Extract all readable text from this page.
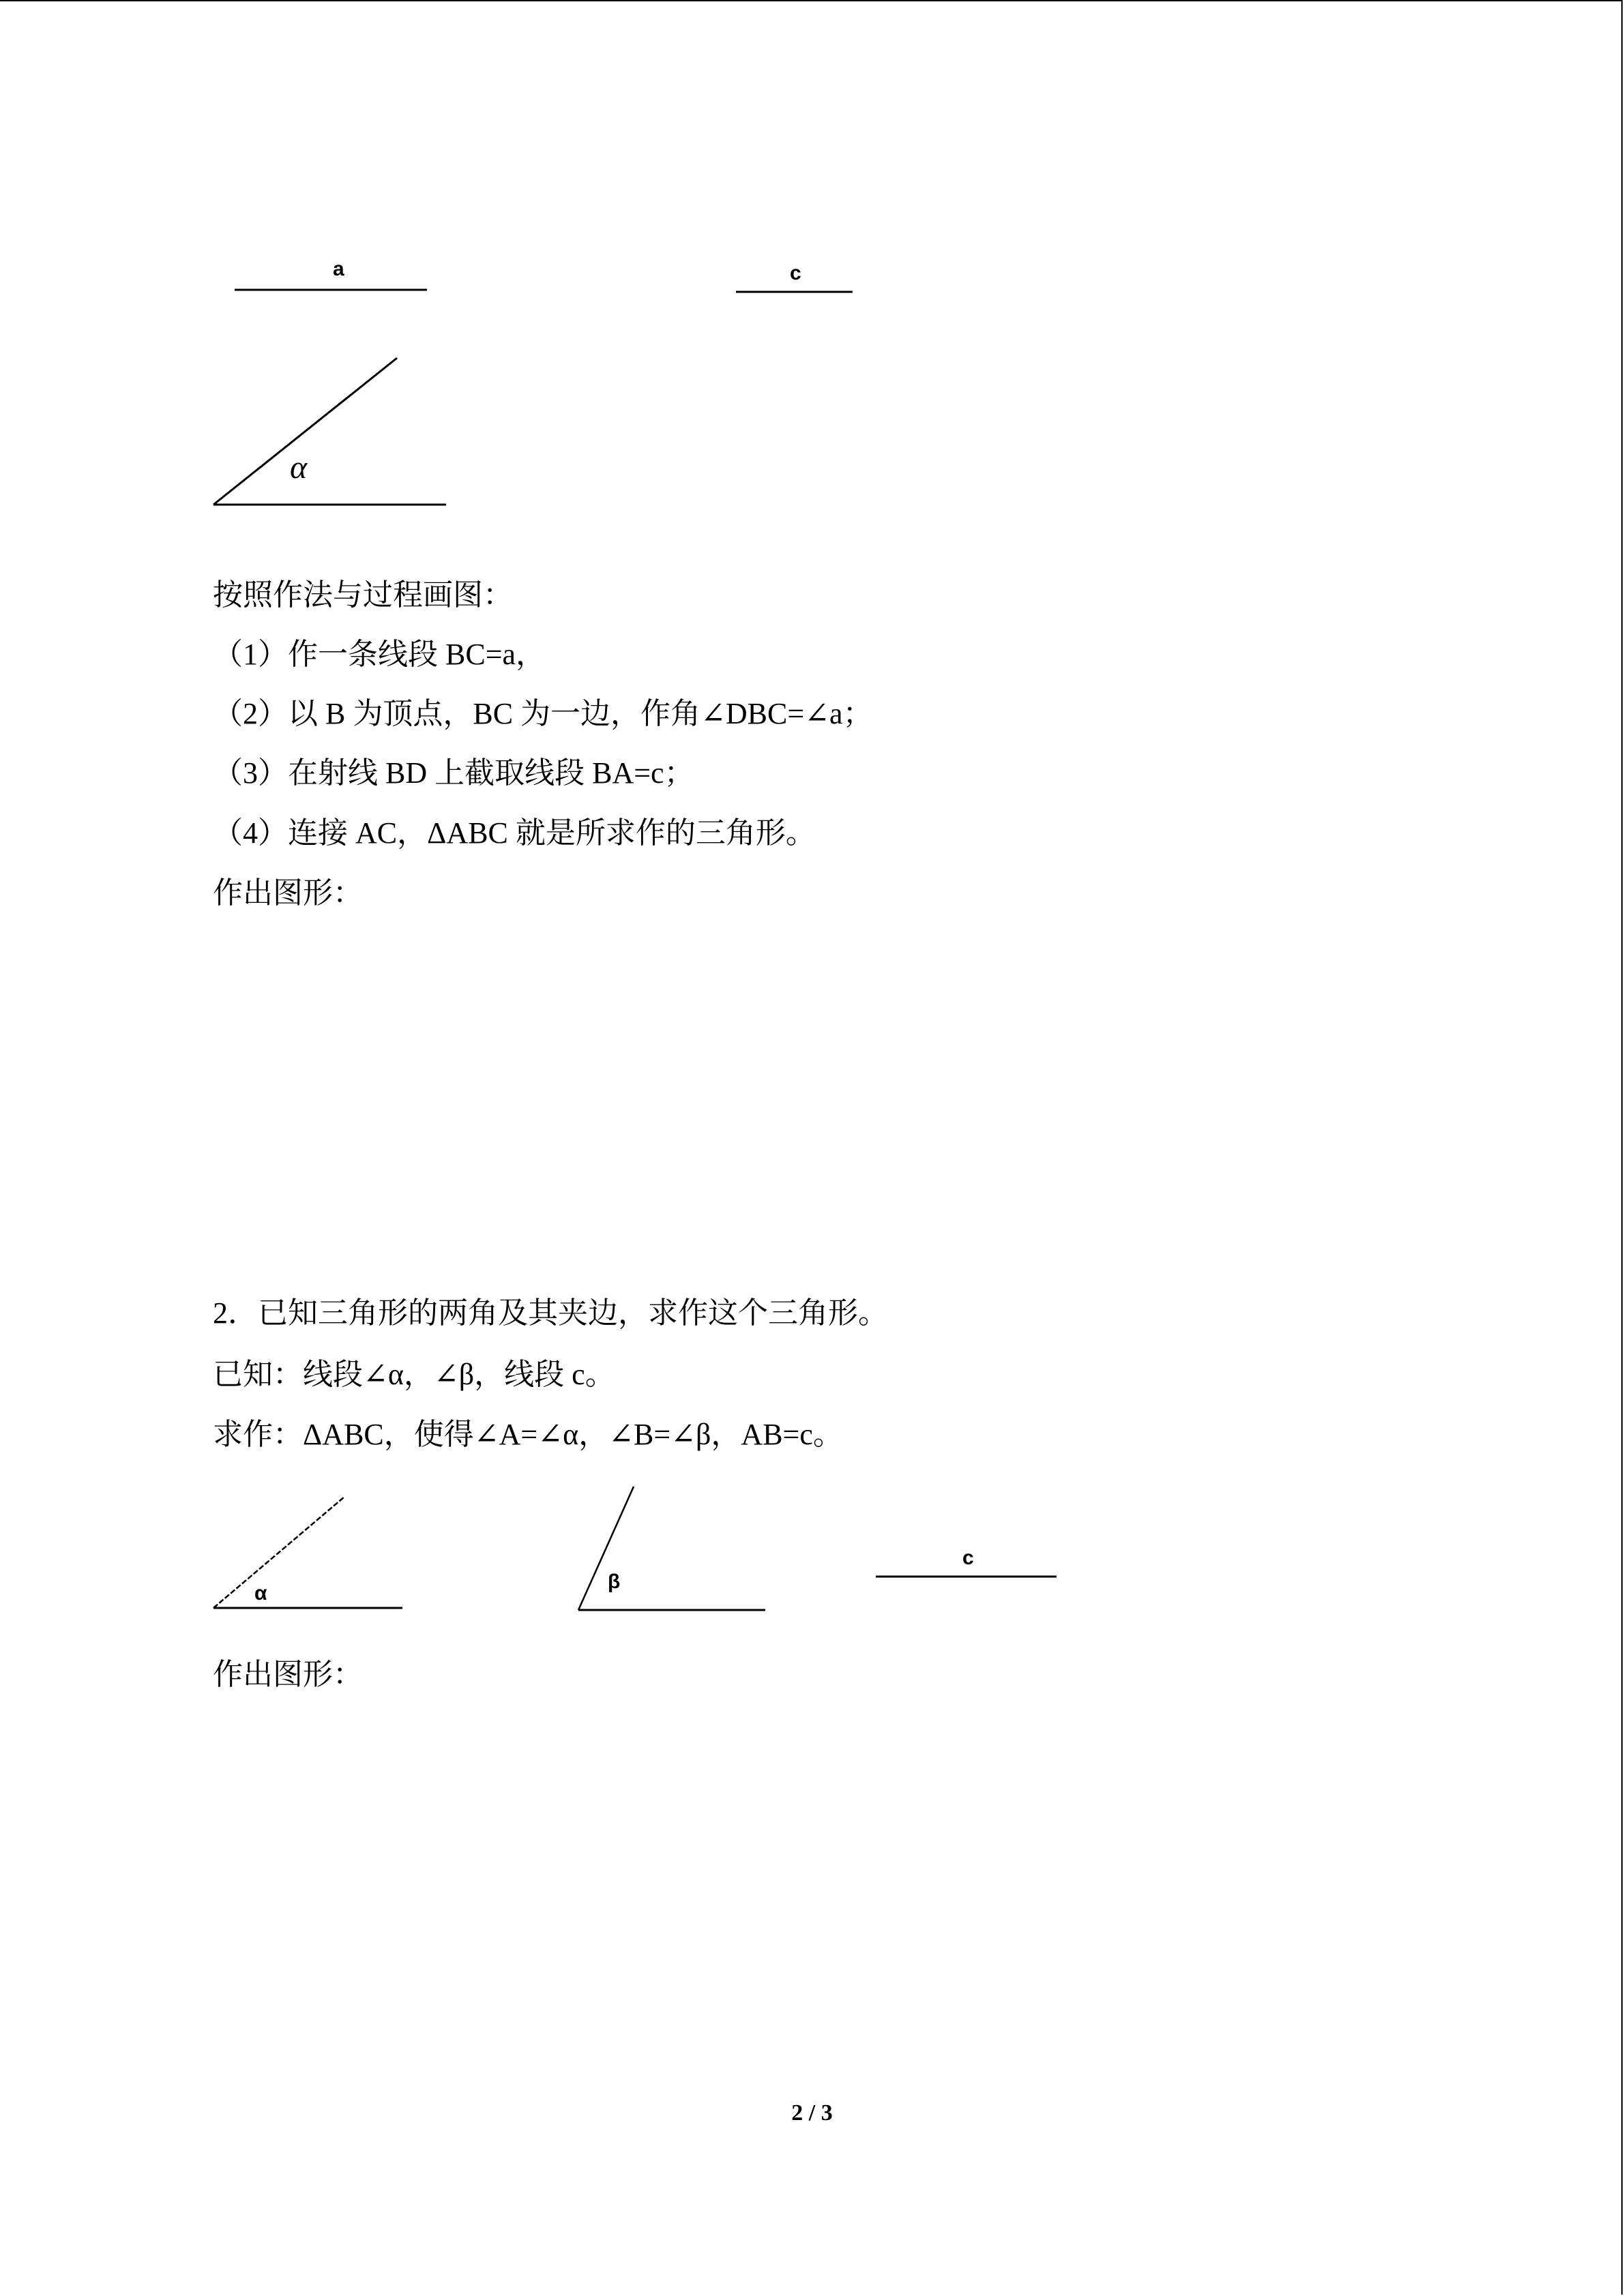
a	c
α
按照作法与过程画图：
（1）作一条线段 BC=a，
（2）以 B 为顶点，BC 为一边，作角∠DBC=∠a；
（3）在射线 BD 上截取线段 BA=c；
（4）连接 AC，ΔABC 就是所求作的三角形。
作出图形：
2．已知三角形的两角及其夹边，求作这个三角形。
已知：线段∠α，∠β，线段 c。
求作：ΔABC，使得∠A=∠α，∠B=∠β，AB=c。
α
β
c
作出图形：
2 / 3
